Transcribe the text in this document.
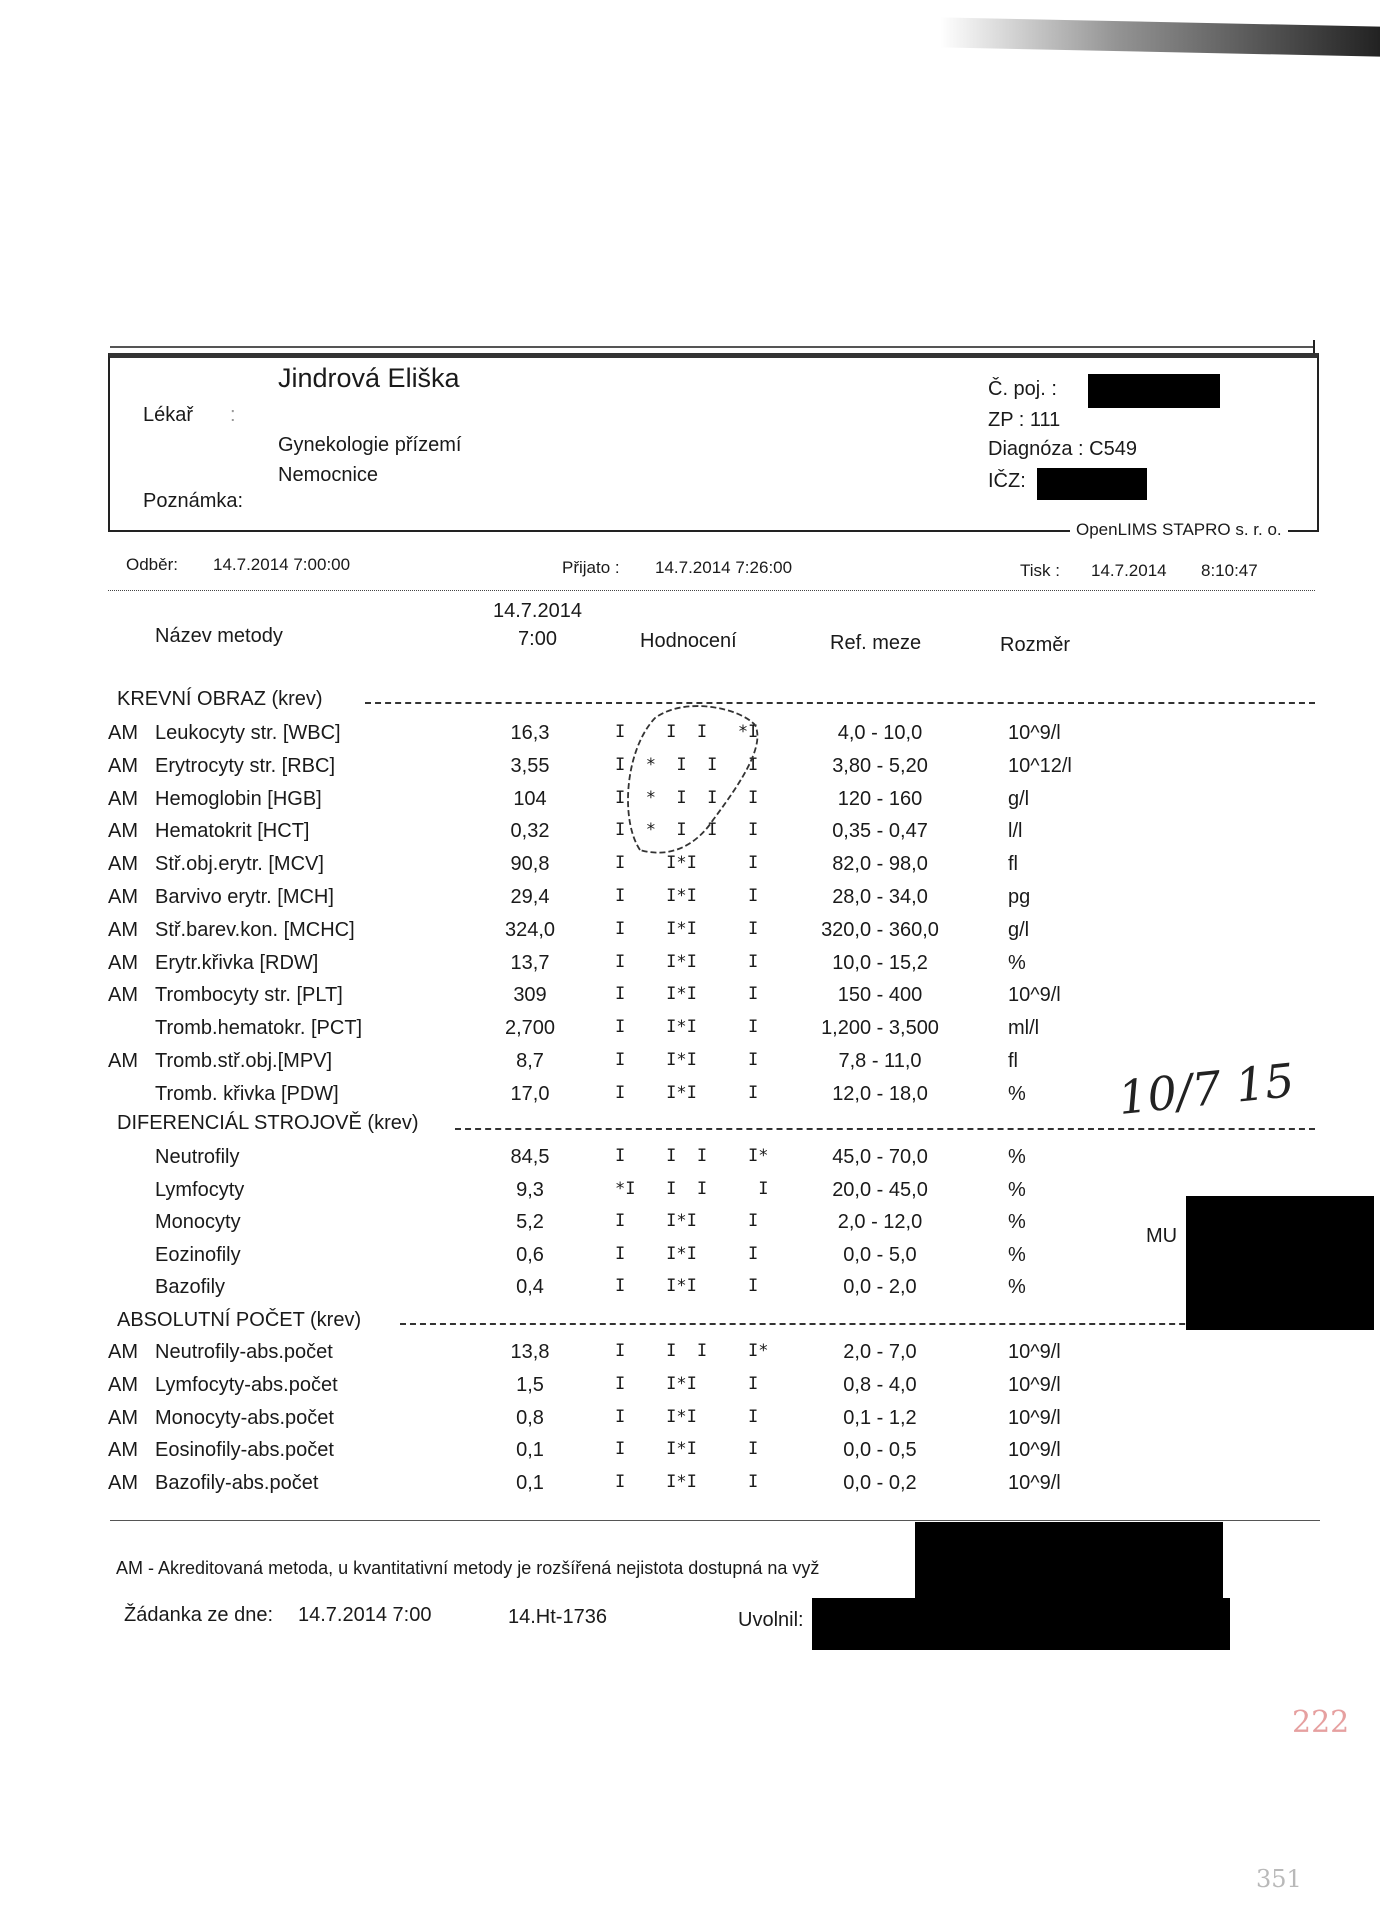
Jindrová Eliška
Lékař :
Gynekologie přízemí
Nemocnice
Poznámka:
Č. poj. :
ZP : 111
Diagnóza : C549
IČZ:
OpenLIMS STAPRO s. r. o.
Odběr: 14.7.2014 7:00:00	Přijato : 14.7.2014 7:26:00	Tisk : 14.7.2014 8:10:47
Název metody
14.7.2014
7:00	Hodnocení	Ref. meze	Rozměr
KREVNÍ OBRAZ (krev)
AM Leukocyty str. [WBC]	16,3	I    I  I   *I	4,0 - 10,0	10^9/l
AM Erytrocyty str. [RBC]	3,55	I  *  I  I   I	3,80 - 5,20	10^12/l
AM Hemoglobin [HGB]	104	I  *  I  I   I	120 - 160	g/l
AM Hematokrit [HCT]	0,32	I  *  I  I   I	0,35 - 0,47	l/l
AM Stř.obj.erytr. [MCV]	90,8	I    I*I     I	82,0 - 98,0	fl
AM Barvivo erytr. [MCH]	29,4	I    I*I     I	28,0 - 34,0	pg
AM Stř.barev.kon. [MCHC]	324,0	I    I*I     I	320,0 - 360,0	g/l
AM Erytr.křivka [RDW]	13,7	I    I*I     I	10,0 - 15,2	%
AM Trombocyty str. [PLT]	309	I    I*I     I	150 - 400	10^9/l
Tromb.hematokr. [PCT]	2,700	I    I*I     I	1,200 - 3,500	ml/l
AM Tromb.stř.obj.[MPV]	8,7	I    I*I     I	7,8 - 11,0	fl
Tromb. křivka [PDW]	17,0	I    I*I     I	12,0 - 18,0	%
DIFERENCIÁL STROJOVĚ (krev)
Neutrofily	84,5	I    I  I    I*	45,0 - 70,0	%
Lymfocyty	9,3	*I   I  I     I	20,0 - 45,0	%
Monocyty	5,2	I    I*I     I	2,0 - 12,0	%
Eozinofily	0,6	I    I*I     I	0,0 - 5,0	%
Bazofily	0,4	I    I*I     I	0,0 - 2,0	%
ABSOLUTNÍ POČET (krev)
AM Neutrofily-abs.počet	13,8	I    I  I    I*	2,0 - 7,0	10^9/l
AM Lymfocyty-abs.počet	1,5	I    I*I     I	0,8 - 4,0	10^9/l
AM Monocyty-abs.počet	0,8	I    I*I     I	0,1 - 1,2	10^9/l
AM Eosinofily-abs.počet	0,1	I    I*I     I	0,0 - 0,5	10^9/l
AM Bazofily-abs.počet	0,1	I    I*I     I	0,0 - 0,2	10^9/l
AM - Akreditovaná metoda, u kvantitativní metody je rozšířená nejistota dostupná na vyž
Žádanka ze dne: 14.7.2014 7:00	14.Ht-1736	Uvolnil:
MU
10/7 15
222
351
